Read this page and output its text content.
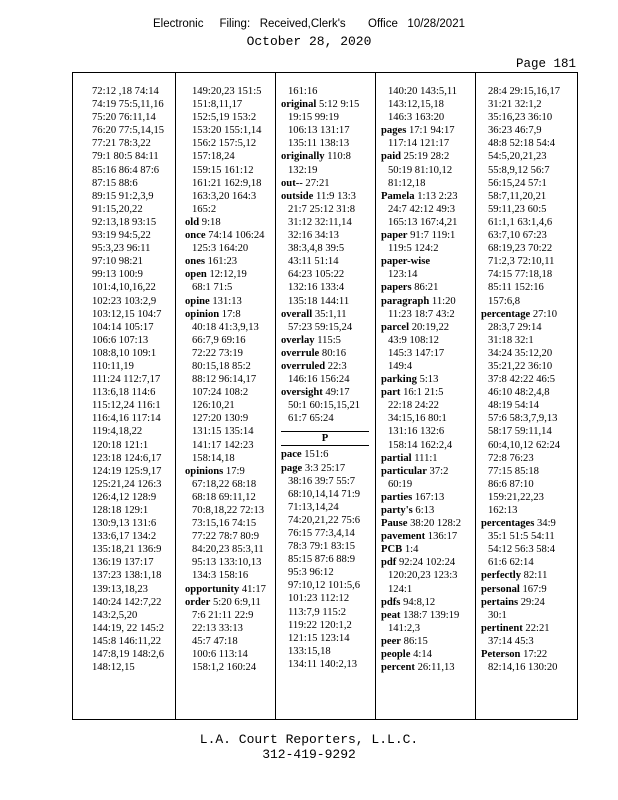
Electronic     Filing:   Received,Clerk's       Office   10/28/2021
October 28, 2020
Page 181
72:12 ,18 74:14
74:19 75:5,11,16
75:20 76:11,14
76:20 77:5,14,15
77:21 78:3,22
79:1 80:5 84:11
85:16 86:4 87:6
87:15 88:6
89:15 91:2,3,9
91:15,20,22
92:13,18 93:15
93:19 94:5,22
95:3,23 96:11
97:10 98:21
99:13 100:9
101:4,10,16,22
102:23 103:2,9
103:12,15 104:7
104:14 105:17
106:6 107:13
108:8,10 109:1
110:11,19
111:24 112:7,17
113:6,18 114:6
115:12,24 116:1
116:4,16 117:14
119:4,18,22
120:18 121:1
123:18 124:6,17
124:19 125:9,17
125:21,24 126:3
126:4,12 128:9
128:18 129:1
130:9,13 131:6
133:6,17 134:2
135:18,21 136:9
136:19 137:17
137:23 138:1,18
139:13,18,23
140:24 142:7,22
143:2,5,20
144:19, 22 145:2
145:8 146:11,22
147:8,19 148:2,6
148:12,15
149:20,23 151:5
151:8,11,17
152:5,19 153:2
153:20 155:1,14
156:2 157:5,12
157:18,24
159:15 161:12
161:21 162:9,18
163:3,20 164:3
165:2
old 9:18
once 74:14 106:24
125:3 164:20
ones 161:23
open 12:12,19
68:1 71:5
opine 131:13
opinion 17:8
40:18 41:3,9,13
66:7,9 69:16
72:22 73:19
80:15,18 85:2
88:12 96:14,17
107:24 108:2
126:10,21
127:20 130:9
131:15 135:14
141:17 142:23
158:14,18
opinions 17:9
67:18,22 68:18
68:18 69:11,12
70:8,18,22 72:13
73:15,16 74:15
77:22 78:7 80:9
84:20,23 85:3,11
95:13 133:10,13
134:3 158:16
opportunity 41:17
order 5:20 6:9,11
7:6 21:11 22:9
22:13 33:13
45:7 47:18
100:6 113:14
158:1,2 160:24
161:16
original 5:12 9:15
19:15 99:19
106:13 131:17
135:11 138:13
originally 110:8
132:19
out-- 27:21
outside 11:9 13:3
21:7 25:12 31:8
31:12 32:11,14
32:16 34:13
38:3,4,8 39:5
43:11 51:14
64:23 105:22
132:16 133:4
135:18 144:11
overall 35:1,11
57:23 59:15,24
overlay 115:5
overrule 80:16
overruled 22:3
146:16 156:24
oversight 49:17
50:1 60:15,15,21
61:7 65:24
P
pace 151:6
page 3:3 25:17
38:16 39:7 55:7
68:10,14,14 71:9
71:13,14,24
74:20,21,22 75:6
76:15 77:3,4,14
78:3 79:1 83:15
85:15 87:6 88:9
95:3 96:12
97:10,12 101:5,6
101:23 112:12
113:7,9 115:2
119:22 120:1,2
121:15 123:14
133:15,18
134:11 140:2,13
140:20 143:5,11
143:12,15,18
146:3 163:20
pages 17:1 94:17
117:14 121:17
paid 25:19 28:2
50:19 81:10,12
81:12,18
Pamela 1:13 2:23
24:7 42:12 49:3
165:13 167:4,21
paper 91:7 119:1
119:5 124:2
paper-wise
123:14
papers 86:21
paragraph 11:20
11:23 18:7 43:2
parcel 20:19,22
43:9 108:12
145:3 147:17
149:4
parking 5:13
part 16:1 21:5
22:18 24:22
34:15,16 80:1
131:16 132:6
158:14 162:2,4
partial 111:1
particular 37:2
60:19
parties 167:13
party's 6:13
Pause 38:20 128:2
pavement 136:17
PCB 1:4
pdf 92:24 102:24
120:20,23 123:3
124:1
pdfs 94:8,12
peat 138:7 139:19
141:2,3
peer 86:15
people 4:14
percent 26:11,13
28:4 29:15,16,17
31:21 32:1,2
35:16,23 36:10
36:23 46:7,9
48:8 52:18 54:4
54:5,20,21,23
55:8,9,12 56:7
56:15,24 57:1
58:7,11,20,21
59:11,23 60:5
61:1,1 63:1,4,6
63:7,10 67:23
68:19,23 70:22
71:2,3 72:10,11
74:15 77:18,18
85:11 152:16
157:6,8
percentage 27:10
28:3,7 29:14
31:18 32:1
34:24 35:12,20
35:21,22 36:10
37:8 42:22 46:5
46:10 48:2,4,8
48:19 54:14
57:6 58:3,7,9,13
58:17 59:11,14
60:4,10,12 62:24
72:8 76:23
77:15 85:18
86:6 87:10
159:21,22,23
162:13
percentages 34:9
35:1 51:5 54:11
54:12 56:3 58:4
61:6 62:14
perfectly 82:11
personal 167:9
pertains 29:24
30:1
pertinent 22:21
37:14 45:3
Peterson 17:22
82:14,16 130:20
L.A. Court Reporters, L.L.C.
312-419-9292
